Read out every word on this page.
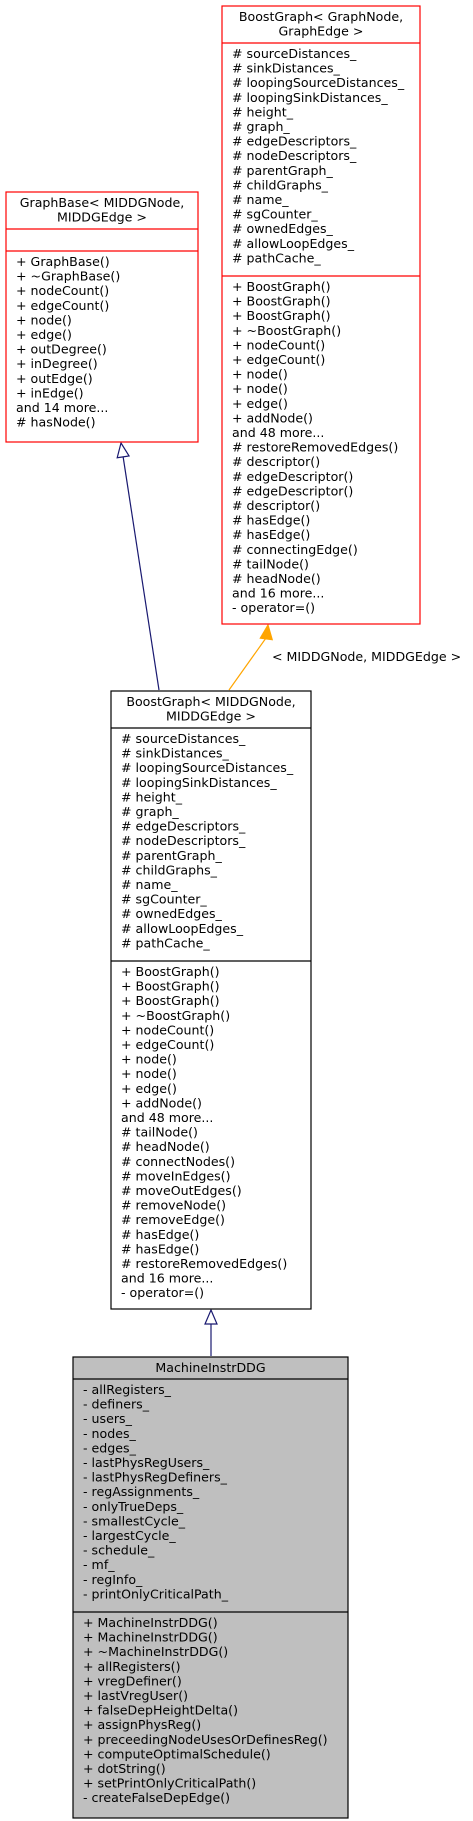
< MIDDGNode, MIDDGEdge >
BoostGraph< GraphNode,
GraphEdge >
# sourceDistances_
# sinkDistances_
# loopingSourceDistances_
# loopingSinkDistances_
# height_
# graph_
# edgeDescriptors_
# nodeDescriptors_
# parentGraph_
# childGraphs_
# name_
# sgCounter_
# ownedEdges_
# allowLoopEdges_
# pathCache_
+ BoostGraph()
+ BoostGraph()
+ BoostGraph()
+ ~BoostGraph()
+ nodeCount()
+ edgeCount()
+ node()
+ node()
+ edge()
+ addNode()
and 48 more...
# restoreRemovedEdges()
# descriptor()
# edgeDescriptor()
# edgeDescriptor()
# descriptor()
# hasEdge()
# hasEdge()
# connectingEdge()
# tailNode()
# headNode()
and 16 more...
- operator=()
GraphBase< MIDDGNode,
MIDDGEdge >
+ GraphBase()
+ ~GraphBase()
+ nodeCount()
+ edgeCount()
+ node()
+ edge()
+ outDegree()
+ inDegree()
+ outEdge()
+ inEdge()
and 14 more...
# hasNode()
BoostGraph< MIDDGNode,
MIDDGEdge >
# sourceDistances_
# sinkDistances_
# loopingSourceDistances_
# loopingSinkDistances_
# height_
# graph_
# edgeDescriptors_
# nodeDescriptors_
# parentGraph_
# childGraphs_
# name_
# sgCounter_
# ownedEdges_
# allowLoopEdges_
# pathCache_
+ BoostGraph()
+ BoostGraph()
+ BoostGraph()
+ ~BoostGraph()
+ nodeCount()
+ edgeCount()
+ node()
+ node()
+ edge()
+ addNode()
and 48 more...
# tailNode()
# headNode()
# connectNodes()
# moveInEdges()
# moveOutEdges()
# removeNode()
# removeEdge()
# hasEdge()
# hasEdge()
# restoreRemovedEdges()
and 16 more...
- operator=()
MachineInstrDDG
- allRegisters_
- definers_
- users_
- nodes_
- edges_
- lastPhysRegUsers_
- lastPhysRegDefiners_
- regAssignments_
- onlyTrueDeps_
- smallestCycle_
- largestCycle_
- schedule_
- mf_
- regInfo_
- printOnlyCriticalPath_
+ MachineInstrDDG()
+ MachineInstrDDG()
+ ~MachineInstrDDG()
+ allRegisters()
+ vregDefiner()
+ lastVregUser()
+ falseDepHeightDelta()
+ assignPhysReg()
+ preceedingNodeUsesOrDefinesReg()
+ computeOptimalSchedule()
+ dotString()
+ setPrintOnlyCriticalPath()
- createFalseDepEdge()
